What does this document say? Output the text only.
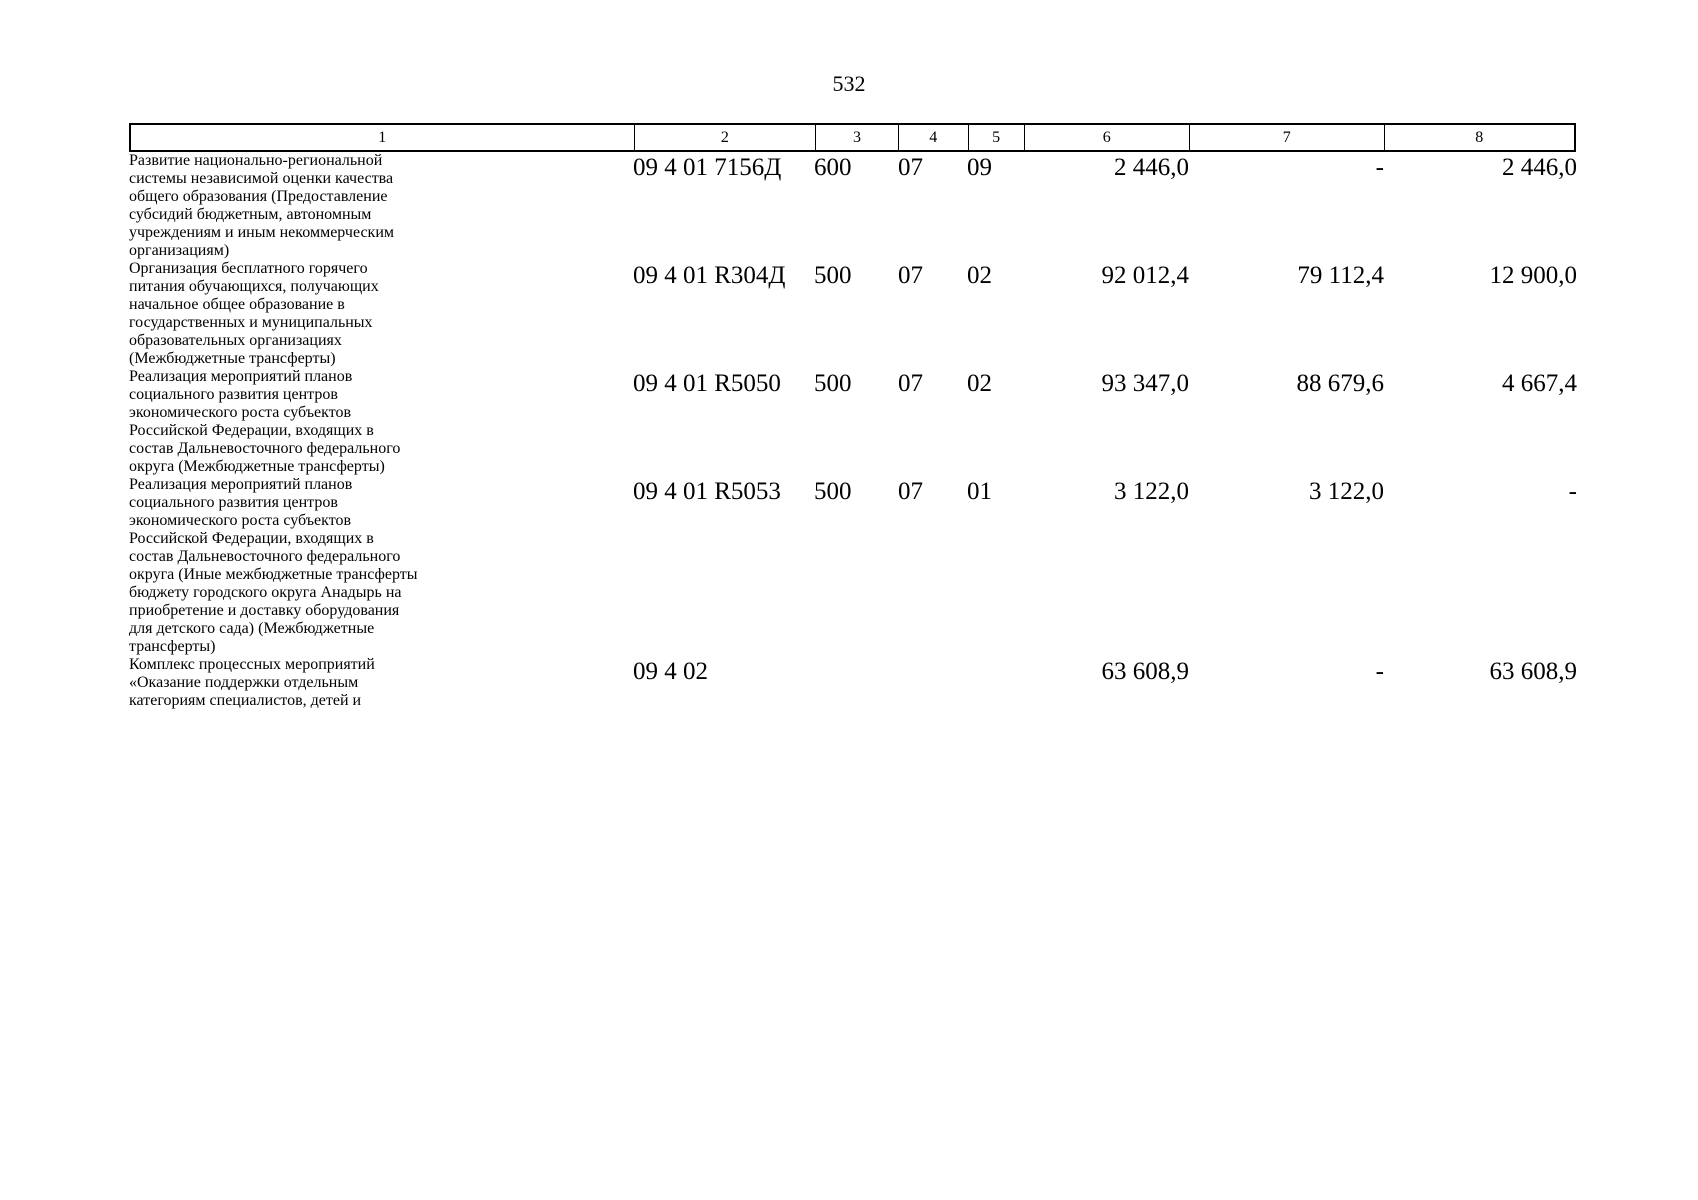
532
1	2	3	4	5	6	7	8
Развитие национально-региональной
системы независимой оценки качества
общего образования (Предоставление
субсидий бюджетным, автономным
учреждениям и иным некоммерческим
организациям)
09 4 01 7156Д 600 07 09	2 446,0	-	2 446,0
Организация бесплатного горячего
питания обучающихся, получающих
начальное общее образование в
государственных и муниципальных
образовательных организациях
(Межбюджетные трансферты)
09 4 01 R304Д 500 07 02	92 012,4	79 112,4	12 900,0
Реализация мероприятий планов
социального развития центров
экономического роста субъектов
Российской Федерации, входящих в
состав Дальневосточного федерального
округа (Межбюджетные трансферты)
09 4 01 R5050 500 07 02	93 347,0	88 679,6	4 667,4
Реализация мероприятий планов
социального развития центров
экономического роста субъектов
Российской Федерации, входящих в
состав Дальневосточного федерального
округа (Иные межбюджетные трансферты
бюджету городского округа Анадырь на
приобретение и доставку оборудования
для детского сада) (Межбюджетные
трансферты)
09 4 01 R5053 500 07 01	3 122,0	3 122,0	-
Комплекс процессных мероприятий
«Оказание поддержки отдельным
категориям специалистов, детей и
09 4 02	63 608,9	-	63 608,9
